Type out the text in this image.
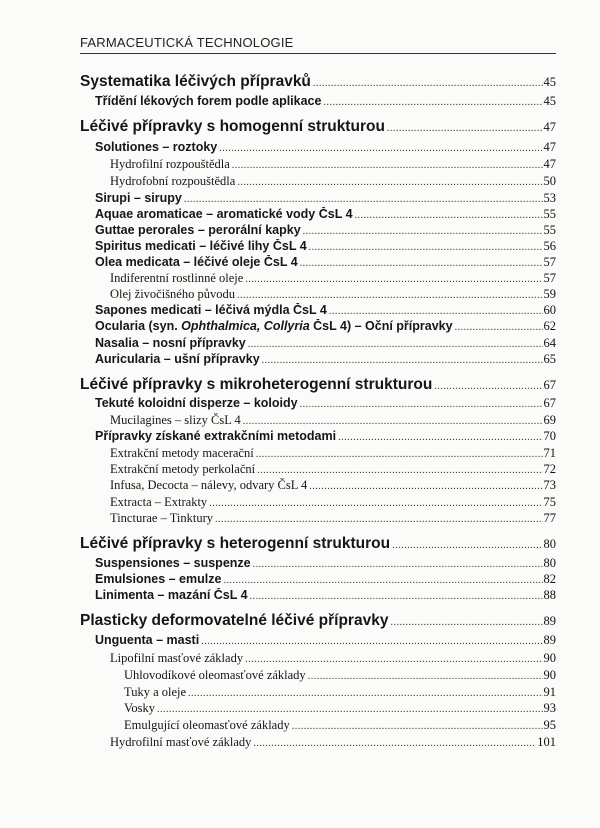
FARMACEUTICKÁ TECHNOLOGIE
Systematika léčivých přípravků .....	45
Třídění lékových forem podle aplikace .....	45
Léčivé přípravky s homogenní strukturou .....	47
Solutiones – roztoky .....	47
Hydrofilní rozpouštědla .....	47
Hydrofobní rozpouštědla .....	50
Sirupi – sirupy .....	53
Aquae aromaticae – aromatické vody ČsL 4 .....	55
Guttae perorales – perorální kapky .....	55
Spiritus medicati – léčivé lihy ČsL 4 .....	56
Olea medicata – léčivé oleje ČsL 4 .....	57
Indiferentní rostlinné oleje .....	57
Olej živočišného původu .....	59
Sapones medicati – léčivá mýdla ČsL 4 .....	60
Ocularia (syn. Ophthalmica, Collyria ČsL 4) – Oční přípravky .....	62
Nasalia – nosní přípravky .....	64
Auricularia – ušní přípravky .....	65
Léčivé přípravky s mikroheterogenní strukturou .....	67
Tekuté koloidní disperze – koloidy .....	67
Mucilagines – slizy ČsL 4 .....	69
Přípravky získané extrakčními metodami .....	70
Extrakční metody macerační .....	71
Extrakční metody perkolační .....	72
Infusa, Decocta – nálevy, odvary ČsL 4 .....	73
Extracta – Extrakty .....	75
Tincturae – Tinktury .....	77
Léčivé přípravky s heterogenní strukturou .....	80
Suspensiones – suspenze .....	80
Emulsiones – emulze .....	82
Linimenta – mazání ČsL 4 .....	88
Plasticky deformovatelné léčivé přípravky .....	89
Unguenta – masti .....	89
Lipofilní masťové základy .....	90
Uhlovodíkové oleomasťové základy .....	90
Tuky a oleje .....	91
Vosky .....	93
Emulgující oleomasťové základy .....	95
Hydrofilní masťové základy .....	101
